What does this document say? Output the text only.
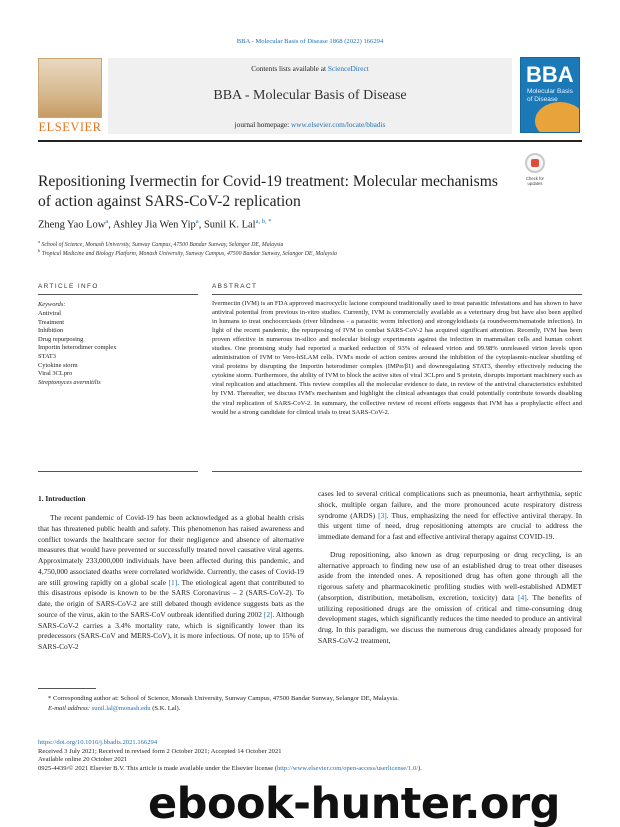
BBA - Molecular Basis of Disease 1868 (2022) 166294
ELSEVIER
Contents lists available at ScienceDirect
BBA - Molecular Basis of Disease
journal homepage: www.elsevier.com/locate/bbadis
BBA
Molecular Basis of Disease
Repositioning Ivermectin for Covid-19 treatment: Molecular mechanisms of action against SARS-CoV-2 replication
Check for updates
Zheng Yao Low$^a$, Ashley Jia Wen Yip$^a$, Sunil K. Lal$^{a, b, *}$
$^a$ School of Science, Monash University, Sunway Campus, 47500 Bandar Sunway, Selangor DE, Malaysia
$^b$ Tropical Medicine and Biology Platform, Monash University, Sunway Campus, 47500 Bandar Sunway, Selangor DE, Malaysia
ARTICLE INFO	ABSTRACT
Keywords:
Antiviral
Treatment
Inhibition
Drug repurposing
Importin heterodimer complex
STAT3
Cytokine storm
Viral 3CLpro
Streptomyces avermitilis
Ivermectin (IVM) is an FDA approved macrocyclic lactone compound traditionally used to treat parasitic infestations and has shown to have antiviral potential from previous in-vitro studies. Currently, IVM is commercially available as a veterinary drug but have also been applied in humans to treat onchocerciasis (river blindness - a parasitic worm infection) and strongyloidiasis (a roundworm/nematode infection). In light of the recent pandemic, the repurposing of IVM to combat SARS-CoV-2 has acquired significant attention. Recently, IVM has been proven effective in numerous in-silico and molecular biology experiments against the infection in mammalian cells and human cohort studies. One promising study had reported a marked reduction of 93% of released virion and 99.98% unreleased virion levels upon administration of IVM to Vero-hSLAM cells. IVM's mode of action centres around the inhibition of the cytoplasmic-nuclear shuttling of viral proteins by disrupting the Importin heterodimer complex (IMPα/β1) and downregulating STAT3, thereby effectively reducing the cytokine storm. Furthermore, the ability of IVM to block the active sites of viral 3CLpro and S protein, disrupts important machinery such as viral replication and attachment. This review compiles all the molecular evidence to date, in review of the antiviral characteristics exhibited by IVM. Thereafter, we discuss IVM's mechanism and highlight the clinical advantages that could potentially contribute towards disabling the viral replication of SARS-CoV-2. In summary, the collective review of recent efforts suggests that IVM has a prophylactic effect and would be a strong candidate for clinical trials to treat SARS-CoV-2.
1. Introduction

The recent pandemic of Covid-19 has been acknowledged as a global health crisis that has threatened public health and safety. This phenomenon has raised awareness and conflict towards the healthcare sector for their negligence and absence of alternative measures that would have prevented or successfully treated novel causative viral agents. Approximately 233,000,000 individuals have been affected during this pandemic, and 4,750,000 associated deaths were correlated worldwide. Currently, the cases of Covid-19 are still growing rapidly on a global scale [1]. The etiological agent that contributed to this disastrous episode is known to be the SARS Coronavirus – 2 (SARS-CoV-2). To date, the origin of SARS-CoV-2 are still debated though evidence suggests bats as the source of the virus, akin to the SARS-CoV outbreak identified during 2002 [2]. Although SARS-CoV-2 carries a 3.4% mortality rate, which is significantly lower than its predecessors (SARS-CoV and MERS-CoV), it is more infectious. Of note, up to 15% of SARS-CoV-2

cases led to several critical complications such as pneumonia, heart arrhythmia, septic shock, multiple organ failure, and the more pronounced acute respiratory distress syndrome (ARDS) [3]. Thus, emphasizing the need for effective antiviral therapy. In this urgent time of need, drug repositioning attempts are crucial to address the immediate demand for a fast and effective antiviral therapy against COVID-19.

Drug repositioning, also known as drug repurposing or drug recycling, is an alternative approach to finding new use of an established drug to treat other diseases aside from the intended ones. A repositioned drug has often gone through all the rigorous safety and pharmacokinetic profiling studies with well-established ADMET (absorption, distribution, metabolism, excretion, toxicity) data [4]. The benefits of utilizing repositioned drugs are the omission of critical and time-consuming drug development stages, which significantly reduces the time needed to produce an antiviral drug. In this paradigm, we discuss the numerous drug candidates already proposed for SARS-CoV-2 treatment,

* Corresponding author at: School of Science, Monash University, Sunway Campus, 47500 Bandar Sunway, Selangor DE, Malaysia.
E-mail address: sunil.lal@monash.edu (S.K. Lal).
https://doi.org/10.1016/j.bbadis.2021.166294
Received 3 July 2021; Received in revised form 2 October 2021; Accepted 14 October 2021
Available online 20 October 2021
0925-4439/© 2021 Elsevier B.V. This article is made available under the Elsevier license (http://www.elsevier.com/open-access/userlicense/1.0/).
ebook-hunter.org
